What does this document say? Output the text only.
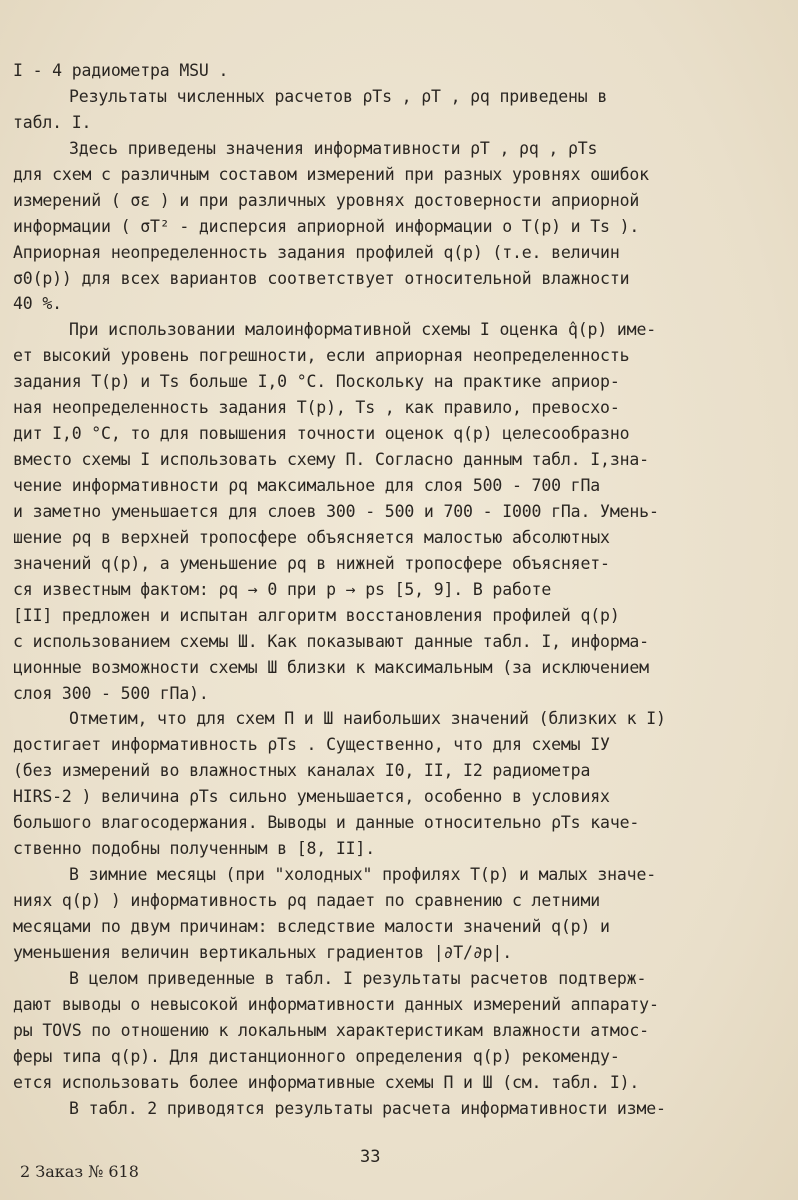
I - 4 радиометра MSU .
Результаты численных расчетов ρTs , ρT , ρq приведены в
табл. I.
Здесь приведены значения информативности ρT , ρq , ρTs
для схем с различным составом измерений при разных уровнях ошибок
измерений ( σε ) и при различных уровнях достоверности априорной
информации ( σT² - дисперсия априорной информации о T(p) и Ts ).
Априорная неопределенность задания профилей q(p) (т.е. величин
σ0(p)) для всех вариантов соответствует относительной влажности
40 %.
При использовании малоинформативной схемы I оценка q̂(p) име-
ет высокий уровень погрешности, если априорная неопределенность
задания T(p) и Ts больше I,0 °C. Поскольку на практике априор-
ная неопределенность задания T(p), Ts , как правило, превосхо-
дит I,0 °C, то для повышения точности оценок q(p) целесообразно
вместо схемы I использовать схему П. Согласно данным табл. I,зна-
чение информативности ρq максимальное для слоя 500 - 700 гПа
и заметно уменьшается для слоев 300 - 500 и 700 - I000 гПа. Умень-
шение ρq в верхней тропосфере объясняется малостью абсолютных
значений q(p), а уменьшение ρq в нижней тропосфере объясняет-
ся известным фактом: ρq → 0 при p → ps [5, 9]. В работе
[II] предложен и испытан алгоритм восстановления профилей q(p)
с использованием схемы Ш. Как показывают данные табл. I, информа-
ционные возможности схемы Ш близки к максимальным (за исключением
слоя 300 - 500 гПа).
Отметим, что для схем П и Ш наибольших значений (близких к I)
достигает информативность ρTs . Существенно, что для схемы IУ
(без измерений во влажностных каналах I0, II, I2 радиометра
HIRS-2 ) величина ρTs сильно уменьшается, особенно в условиях
большого влагосодержания. Выводы и данные относительно ρTs каче-
ственно подобны полученным в [8, II].
В зимние месяцы (при "холодных" профилях T(p) и малых значе-
ниях q(p) ) информативность ρq падает по сравнению с летними
месяцами по двум причинам: вследствие малости значений q(p) и
уменьшения величин вертикальных градиентов |∂T/∂p|.
В целом приведенные в табл. I результаты расчетов подтверж-
дают выводы о невысокой информативности данных измерений аппарату-
ры TOVS по отношению к локальным характеристикам влажности атмос-
феры типа q(p). Для дистанционного определения q(p) рекоменду-
ется использовать более информативные схемы П и Ш (см. табл. I).
В табл. 2 приводятся результаты расчета информативности изме-
33
2 Заказ № 618
